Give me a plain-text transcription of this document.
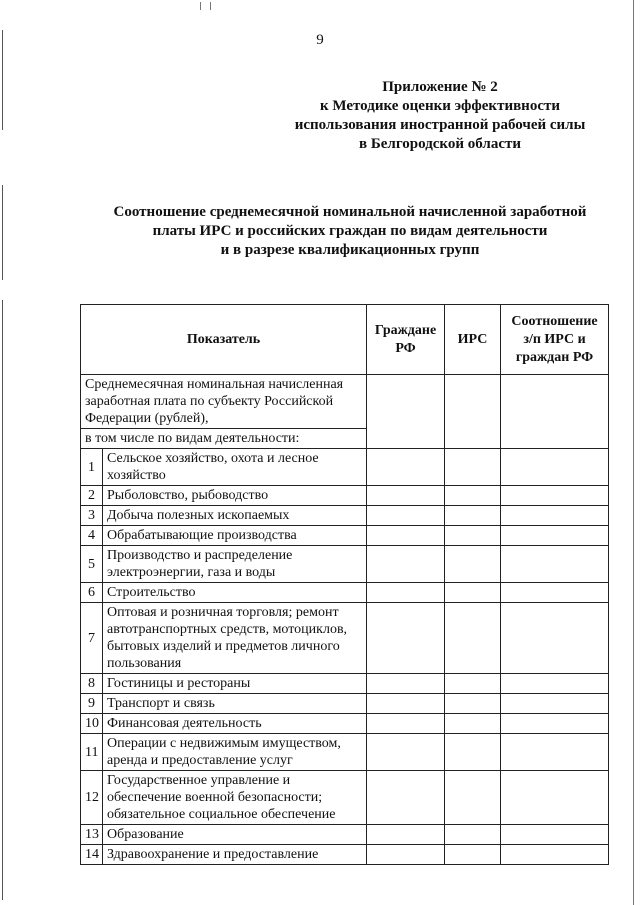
9
Приложение № 2
к Методике оценки эффективности
использования иностранной рабочей силы
в Белгородской области
Соотношение среднемесячной номинальной начисленной заработной
платы ИРС и российских граждан по видам деятельности
и в разрезе квалификационных групп
Показатель		Граждане РФ	ИРС	Соотношение з/п ИРС и граждан РФ
Среднемесячная номинальная начисленная заработная плата по субъекту Российской Федерации (рублей),				
в том числе по видам деятельности:				
1	Сельское хозяйство, охота и лесное хозяйство			
2	Рыболовство, рыбоводство			
3	Добыча полезных ископаемых			
4	Обрабатывающие производства			
5	Производство и распределение электроэнергии, газа и воды			
6	Строительство			
7	Оптовая и розничная торговля; ремонт автотранспортных средств, мотоциклов, бытовых изделий и предметов личного пользования			
8	Гостиницы и рестораны			
9	Транспорт и связь			
10	Финансовая деятельность			
11	Операции с недвижимым имуществом, аренда и предоставление услуг			
12	Государственное управление и обеспечение военной безопасности; обязательное социальное обеспечение			
13	Образование			
14	Здравоохранение и предоставление			
